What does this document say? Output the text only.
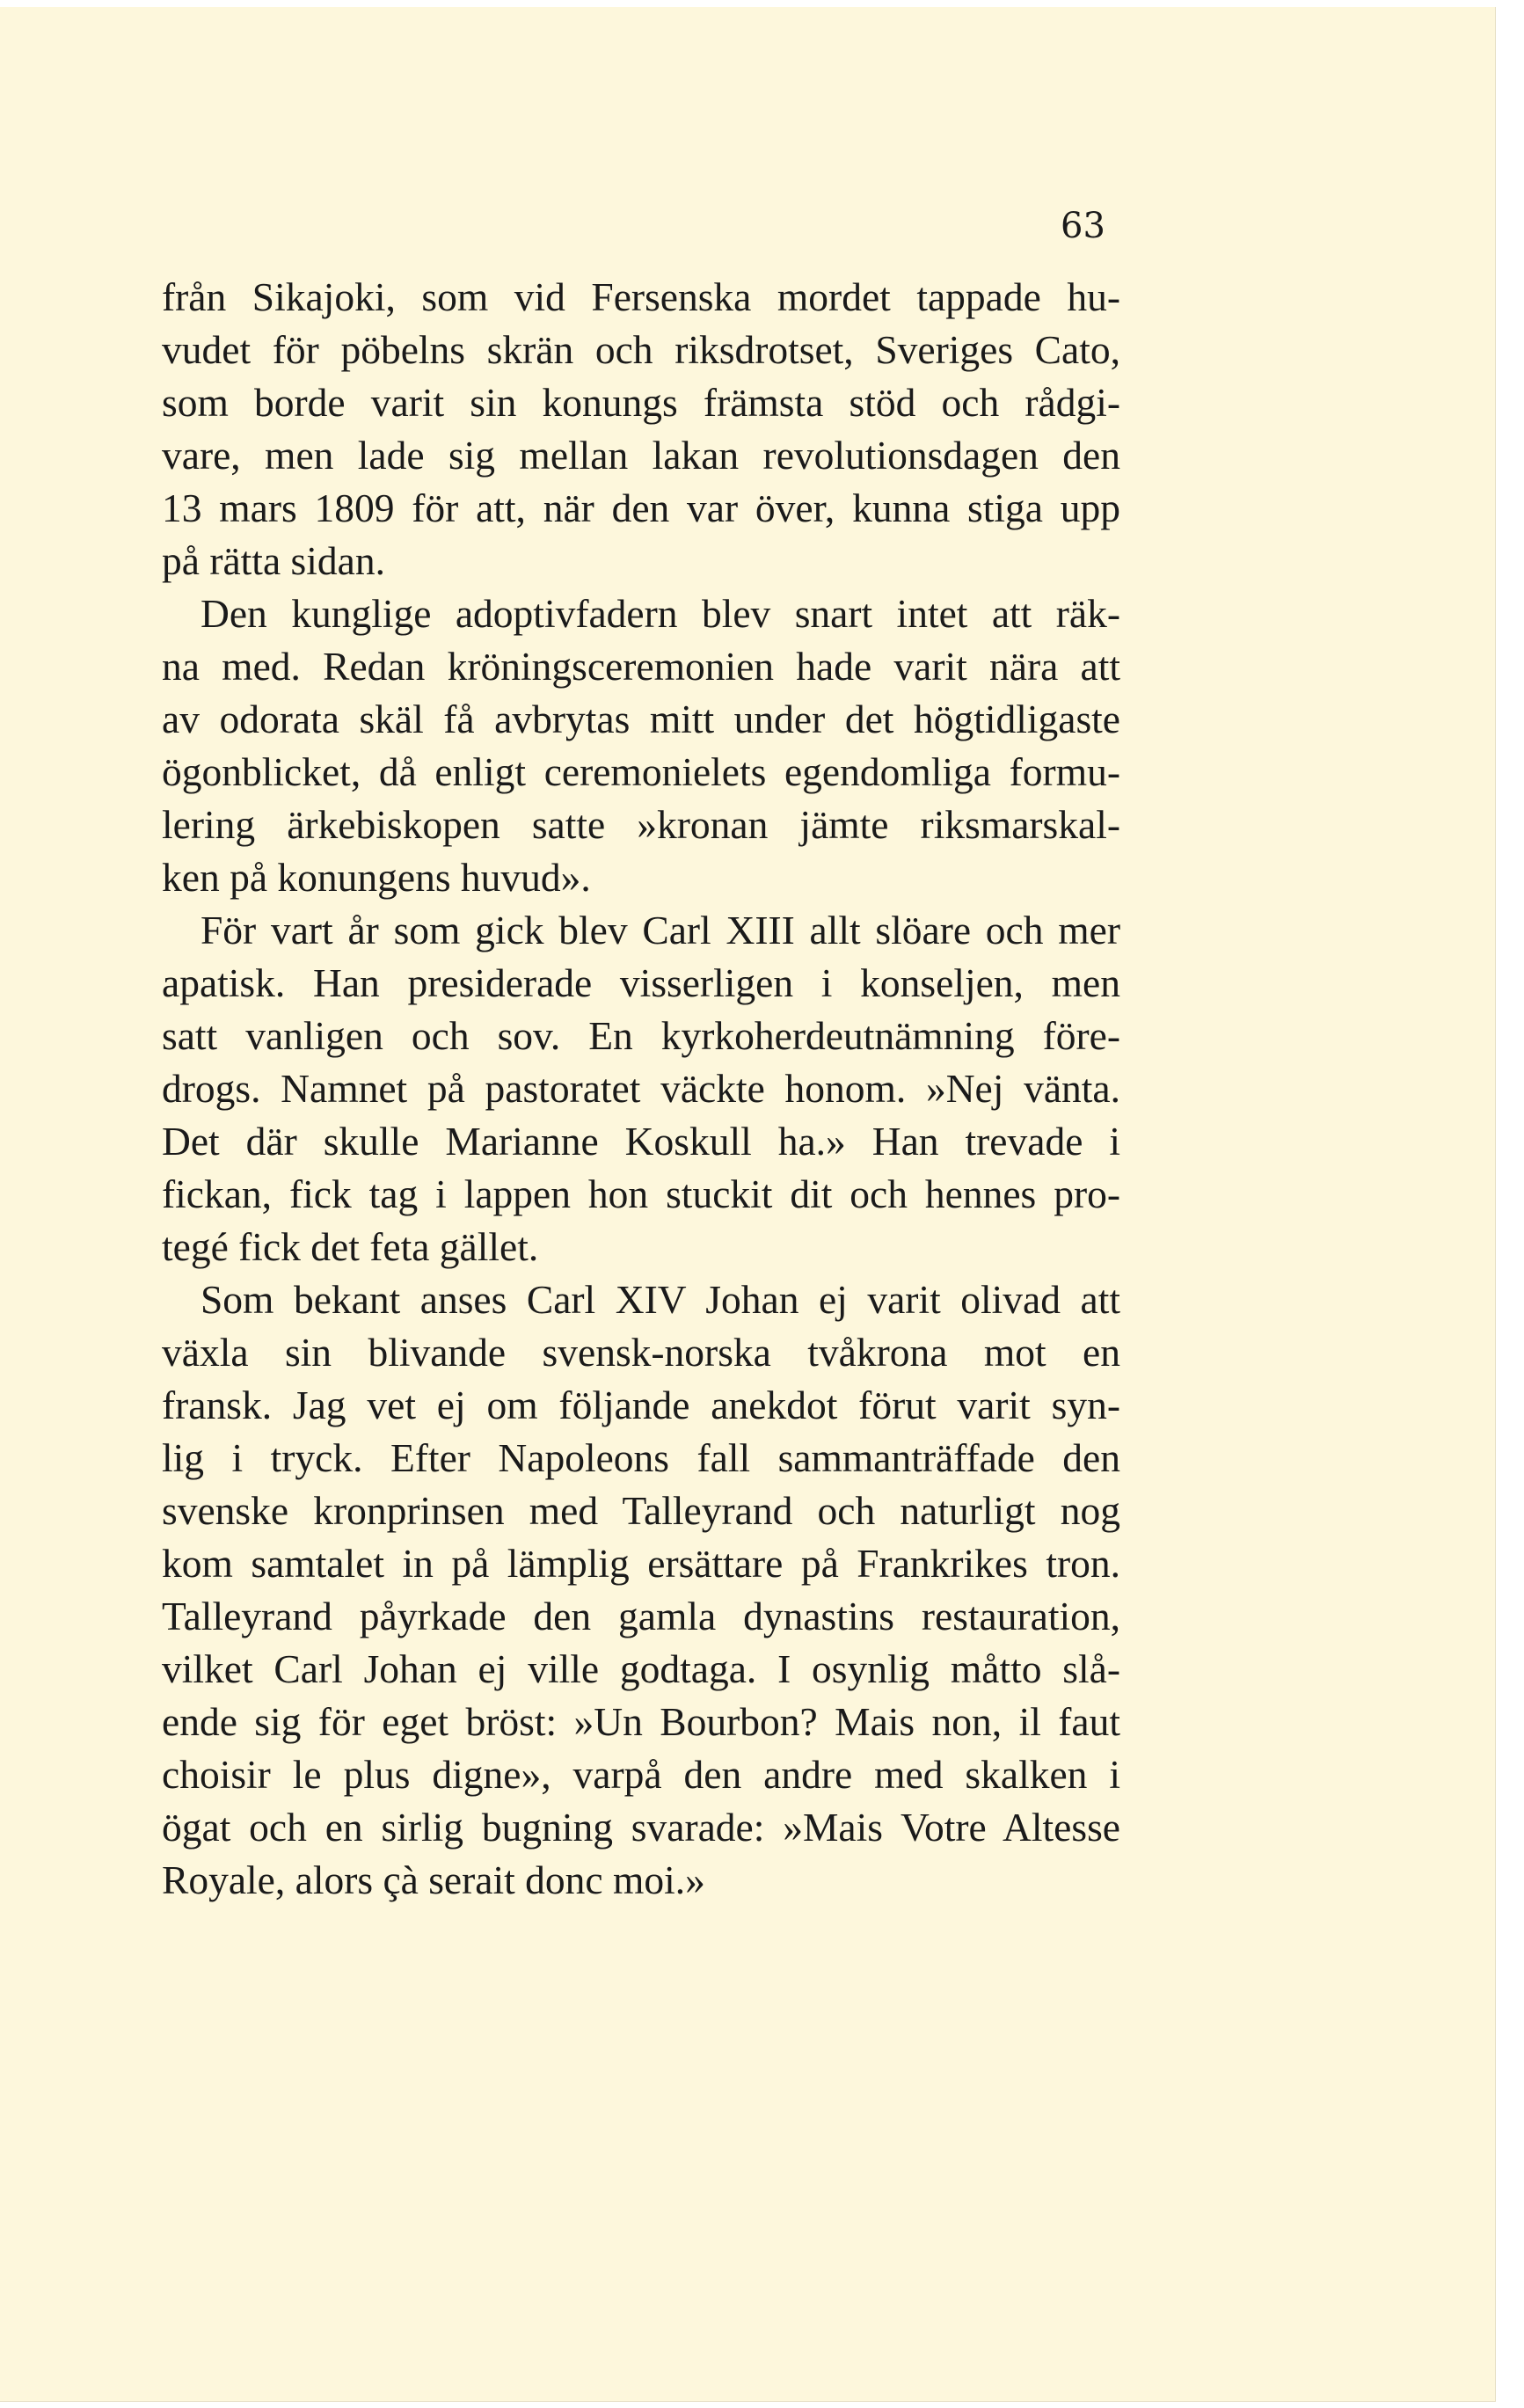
63
från Sikajoki, som vid Fersenska mordet tappade hu-
vudet för pöbelns skrän och riksdrotset, Sveriges Cato,
som borde varit sin konungs främsta stöd och rådgi-
vare, men lade sig mellan lakan revolutionsdagen den
13 mars 1809 för att, när den var över, kunna stiga upp
på rätta sidan.
Den kunglige adoptivfadern blev snart intet att räk-
na med. Redan kröningsceremonien hade varit nära att
av odorata skäl få avbrytas mitt under det högtidligaste
ögonblicket, då enligt ceremonielets egendomliga formu-
lering ärkebiskopen satte »kronan jämte riksmarskal-
ken på konungens huvud».
För vart år som gick blev Carl XIII allt slöare och mer
apatisk. Han presiderade visserligen i konseljen, men
satt vanligen och sov. En kyrkoherdeutnämning före-
drogs. Namnet på pastoratet väckte honom. »Nej vänta.
Det där skulle Marianne Koskull ha.» Han trevade i
fickan, fick tag i lappen hon stuckit dit och hennes pro-
tegé fick det feta gället.
Som bekant anses Carl XIV Johan ej varit olivad att
växla sin blivande svensk-norska tvåkrona mot en
fransk. Jag vet ej om följande anekdot förut varit syn-
lig i tryck. Efter Napoleons fall sammanträffade den
svenske kronprinsen med Talleyrand och naturligt nog
kom samtalet in på lämplig ersättare på Frankrikes tron.
Talleyrand påyrkade den gamla dynastins restauration,
vilket Carl Johan ej ville godtaga. I osynlig måtto slå-
ende sig för eget bröst: »Un Bourbon? Mais non, il faut
choisir le plus digne», varpå den andre med skalken i
ögat och en sirlig bugning svarade: »Mais Votre Altesse
Royale, alors çà serait donc moi.»
